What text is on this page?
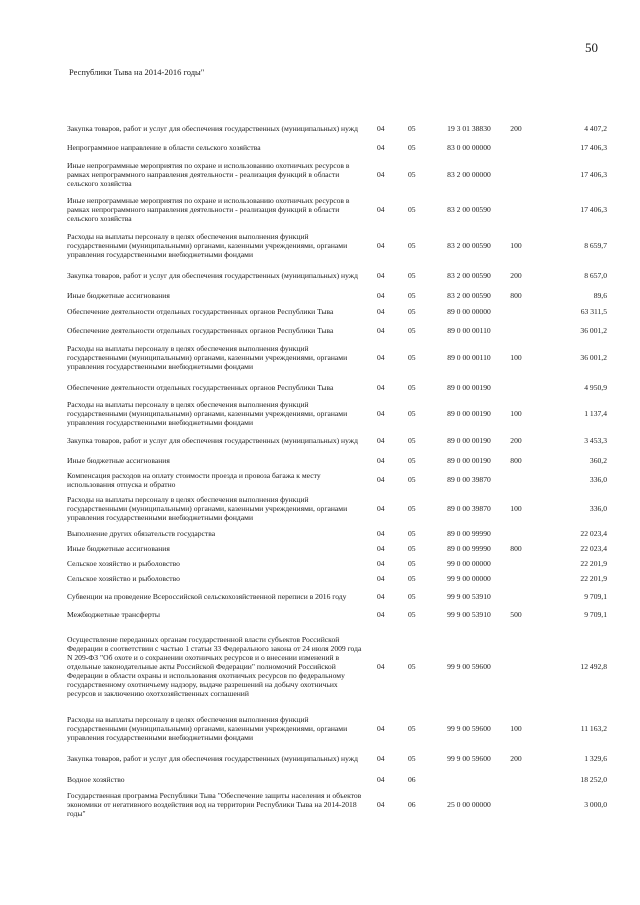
50
Республики Тыва на 2014-2016 годы"
Закупка товаров, работ и услуг для обеспечения государственных (муниципальных) нужд	04	05	19 3 01 38830	200	4 407,2
Непрограммное направление в области сельского хозяйства	04	05	83 0 00 00000	17 406,3
Иные непрограммные мероприятия по охране и использованию охотничьих ресурсов в рамках непрограммного направления деятельности - реализация функций в области сельского хозяйства
04	05	83 2 00 00000	17 406,3
Иные непрограммные мероприятия по охране и использованию охотничьих ресурсов в рамках непрограммного направления деятельности - реализация функций в области сельского хозяйства
04	05	83 2 00 00590	17 406,3
Расходы на выплаты персоналу в целях обеспечения выполнения функций государственными (муниципальными) органами, казенными учреждениями, органами управления государственными внебюджетными фондами
04	05	83 2 00 00590	100	8 659,7
Закупка товаров, работ и услуг для обеспечения государственных (муниципальных) нужд	04	05	83 2 00 00590	200	8 657,0
Иные бюджетные ассигнования	04	05	83 2 00 00590	800	89,6
Обеспечение деятельности отдельных государственных органов Республики Тыва	04	05	89 0 00 00000	63 311,5
Обеспечение деятельности отдельных государственных органов Республики Тыва	04	05	89 0 00 00110	36 001,2
Расходы на выплаты персоналу в целях обеспечения выполнения функций государственными (муниципальными) органами, казенными учреждениями, органами управления государственными внебюджетными фондами
04	05	89 0 00 00110	100	36 001,2
Обеспечение деятельности отдельных государственных органов Республики Тыва	04	05	89 0 00 00190	4 950,9
Расходы на выплаты персоналу в целях обеспечения выполнения функций государственными (муниципальными) органами, казенными учреждениями, органами управления государственными внебюджетными фондами
04	05	89 0 00 00190	100	1 137,4
Закупка товаров, работ и услуг для обеспечения государственных (муниципальных) нужд	04	05	89 0 00 00190	200	3 453,3
Иные бюджетные ассигнования	04	05	89 0 00 00190	800	360,2
Компенсация расходов на оплату стоимости проезда и провоза багажа к месту использования отпуска и обратно	04	05	89 0 00 39870	336,0
Расходы на выплаты персоналу в целях обеспечения выполнения функций государственными (муниципальными) органами, казенными учреждениями, органами управления государственными внебюджетными фондами
04	05	89 0 00 39870	100	336,0
Выполнение других обязательств государства	04	05	89 0 00 99990	22 023,4
Иные бюджетные ассигнования	04	05	89 0 00 99990	800	22 023,4
Сельское хозяйство и рыболовство	04	05	99 0 00 00000	22 201,9
Сельское хозяйство и рыболовство	04	05	99 9 00 00000	22 201,9
Субвенции на проведение Всероссийской сельскохозяйственной переписи в 2016 году	04	05	99 9 00 53910	9 709,1
Межбюджетные трансферты	04	05	99 9 00 53910	500	9 709,1
Осуществление переданных органам государственной власти субъектов Российской Федерации в соответствии с частью 1 статьи 33 Федерального закона от 24 июля 2009 года N 209-ФЗ "Об охоте и о сохранении охотничьих ресурсов и о внесении изменений в отдельные законодательные акты Российской Федерации" полномочий Российской Федерации в области охраны и использования охотничьих ресурсов по федеральному государственному охотничьему надзору, выдаче разрешений на добычу охотничьих ресурсов и заключению охотхозяйственных соглашений
04	05	99 9 00 59600	12 492,8
Расходы на выплаты персоналу в целях обеспечения выполнения функций государственными (муниципальными) органами, казенными учреждениями, органами управления государственными внебюджетными фондами
04	05	99 9 00 59600	100	11 163,2
Закупка товаров, работ и услуг для обеспечения государственных (муниципальных) нужд	04	05	99 9 00 59600	200	1 329,6
Водное хозяйство	04	06	18 252,0
Государственная программа Республики Тыва "Обеспечение защиты населения и объектов экономики от негативного воздействия вод на территории Республики Тыва на 2014-2018 годы"
04	06	25 0 00 00000	3 000,0
